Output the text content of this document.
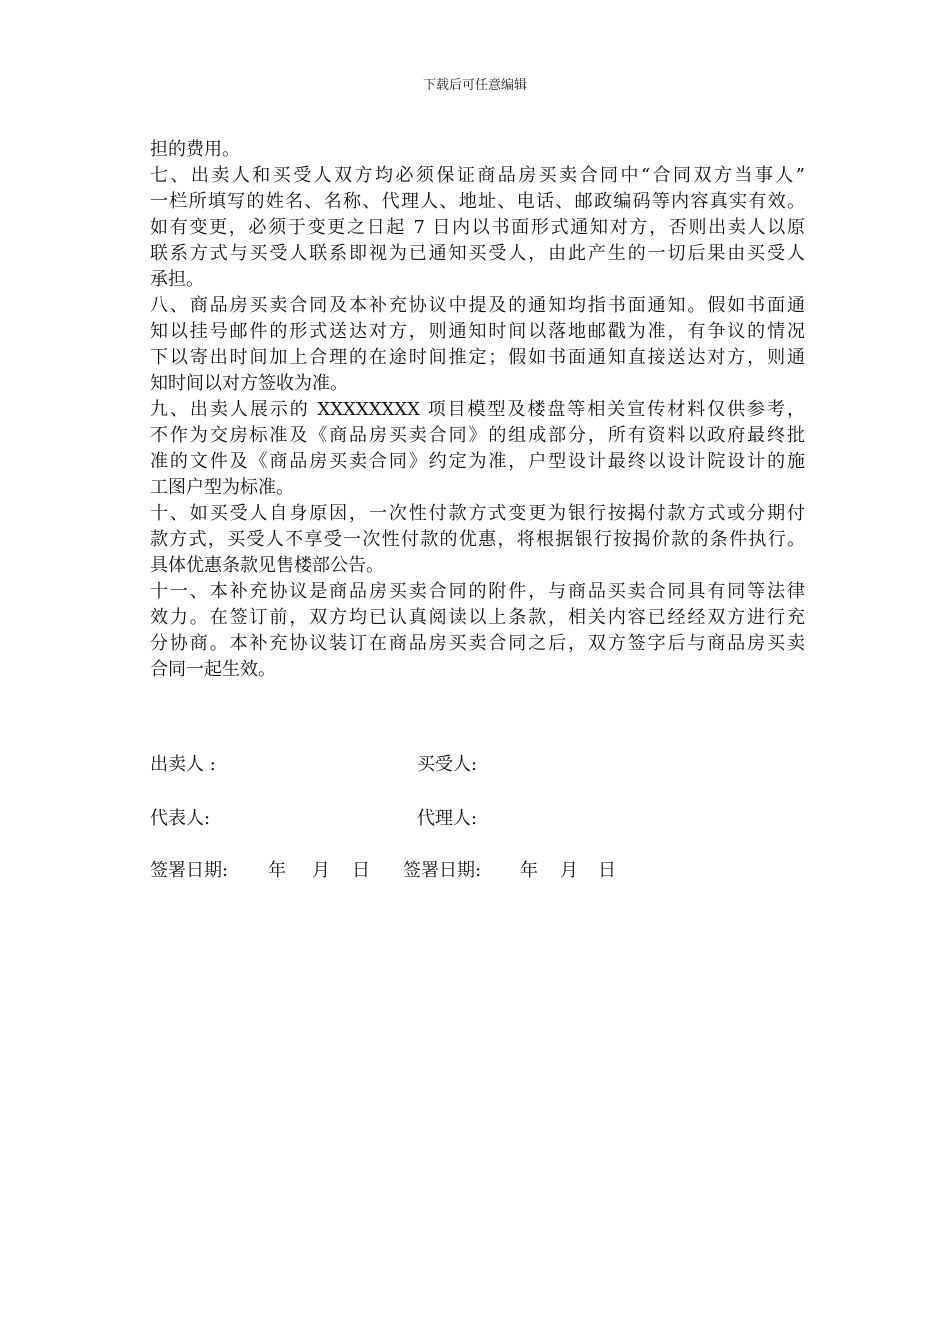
下载后可任意编辑
担的费用。
七、出卖人和买受人双方均必须保证商品房买卖合同中“合同双方当事人”
一栏所填写的姓名、名称、代理人、地址、电话、邮政编码等内容真实有效。
如有变更，必须于变更之日起 7 日内以书面形式通知对方，否则出卖人以原
联系方式与买受人联系即视为已通知买受人，由此产生的一切后果由买受人
承担。
八、商品房买卖合同及本补充协议中提及的通知均指书面通知。假如书面通
知以挂号邮件的形式送达对方，则通知时间以落地邮戳为准，有争议的情况
下以寄出时间加上合理的在途时间推定；假如书面通知直接送达对方，则通
知时间以对方签收为准。
九、出卖人展示的 XXXXXXXX 项目模型及楼盘等相关宣传材料仅供参考，
不作为交房标准及《商品房买卖合同》的组成部分，所有资料以政府最终批
准的文件及《商品房买卖合同》约定为准，户型设计最终以设计院设计的施
工图户型为标准。
十、如买受人自身原因，一次性付款方式变更为银行按揭付款方式或分期付
款方式，买受人不享受一次性付款的优惠，将根据银行按揭价款的条件执行。
具体优惠条款见售楼部公告。
十一、本补充协议是商品房买卖合同的附件，与商品买卖合同具有同等法律
效力。在签订前，双方均已认真阅读以上条款，相关内容已经经双方进行充
分协商。本补充协议装订在商品房买卖合同之后，双方签字后与商品房买卖
合同一起生效。
出卖人 :	买受人:
代表人:	代理人:
签署日期: 年 月 日 签署日期: 年 月 日
